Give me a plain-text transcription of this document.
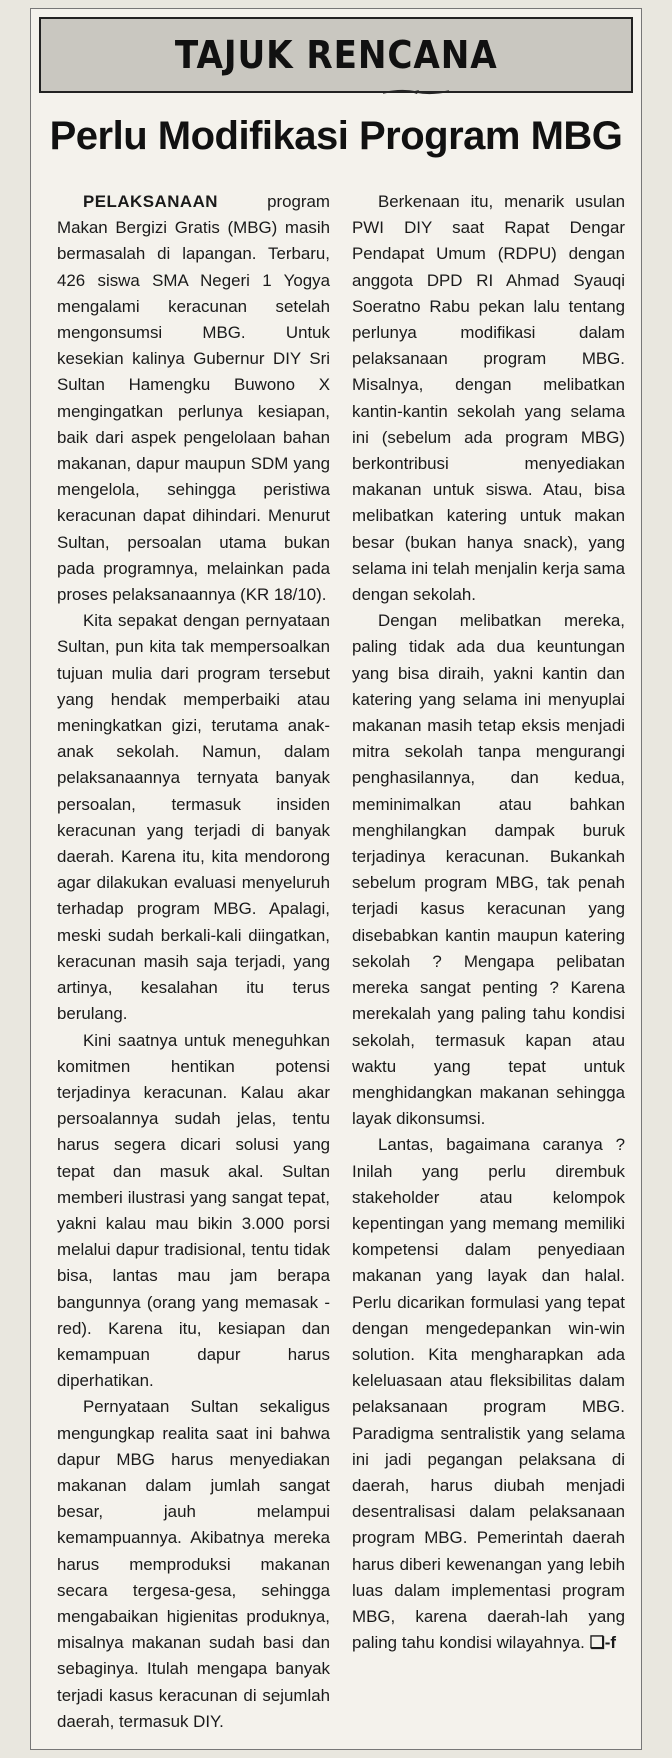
TAJUK RENCANA
Perlu Modifikasi Program MBG

PELAKSANAAN program Makan Bergizi Gratis (MBG) masih bermasalah di lapangan. Terbaru, 426 siswa SMA Negeri 1 Yogya mengalami keracunan setelah mengonsumsi MBG. Untuk kesekian kalinya Gubernur DIY Sri Sultan Hamengku Buwono X mengingatkan perlunya kesiapan, baik dari aspek pengelolaan bahan makanan, dapur maupun SDM yang mengelola, sehingga peristiwa keracunan dapat dihindari. Menurut Sultan, persoalan utama bukan pada programnya, melainkan pada proses pelaksanaannya (KR 18/10).

Kita sepakat dengan pernyataan Sultan, pun kita tak mempersoalkan tujuan mulia dari program tersebut yang hendak memperbaiki atau meningkatkan gizi, terutama anak-anak sekolah. Namun, dalam pelaksanaannya ternyata banyak persoalan, termasuk insiden keracunan yang terjadi di banyak daerah. Karena itu, kita mendorong agar dilakukan evaluasi menyeluruh terhadap program MBG. Apalagi, meski sudah berkali-kali diingatkan, keracunan masih saja terjadi, yang artinya, kesalahan itu terus berulang.

Kini saatnya untuk meneguhkan komitmen hentikan potensi terjadinya keracunan. Kalau akar persoalannya sudah jelas, tentu harus segera dicari solusi yang tepat dan masuk akal. Sultan memberi ilustrasi yang sangat tepat, yakni kalau mau bikin 3.000 porsi melalui dapur tradisional, tentu tidak bisa, lantas mau jam berapa bangunnya (orang yang memasak -red). Karena itu, kesiapan dan kemampuan dapur harus diperhatikan.

Pernyataan Sultan sekaligus mengungkap realita saat ini bahwa dapur MBG harus menyediakan makanan dalam jumlah sangat besar, jauh melampui kemampuannya. Akibatnya mereka harus memproduksi makanan secara tergesa-gesa, sehingga mengabaikan higienitas produknya, misalnya makanan sudah basi dan sebaginya. Itulah mengapa banyak terjadi kasus keracunan di sejumlah daerah, termasuk DIY.

Berkenaan itu, menarik usulan PWI DIY saat Rapat Dengar Pendapat Umum (RDPU) dengan anggota DPD RI Ahmad Syauqi Soeratno Rabu pekan lalu tentang perlunya modifikasi dalam pelaksanaan program MBG. Misalnya, dengan melibatkan kantin-kantin sekolah yang selama ini (sebelum ada program MBG) berkontribusi menyediakan makanan untuk siswa. Atau, bisa melibatkan katering untuk makan besar (bukan hanya snack), yang selama ini telah menjalin kerja sama dengan sekolah.

Dengan melibatkan mereka, paling tidak ada dua keuntungan yang bisa diraih, yakni kantin dan katering yang selama ini menyuplai makanan masih tetap eksis menjadi mitra sekolah tanpa mengurangi penghasilannya, dan kedua, meminimalkan atau bahkan menghilangkan dampak buruk terjadinya keracunan. Bukankah sebelum program MBG, tak penah terjadi kasus keracunan yang disebabkan kantin maupun katering sekolah ? Mengapa pelibatan mereka sangat penting ? Karena merekalah yang paling tahu kondisi sekolah, termasuk kapan atau waktu yang tepat untuk menghidangkan makanan sehingga layak dikonsumsi.

Lantas, bagaimana caranya ? Inilah yang perlu dirembuk stakeholder atau kelompok kepentingan yang memang memiliki kompetensi dalam penyediaan makanan yang layak dan halal. Perlu dicarikan formulasi yang tepat dengan mengedepankan win-win solution. Kita mengharapkan ada keleluasaan atau fleksibilitas dalam pelaksanaan program MBG. Paradigma sentralistik yang selama ini jadi pegangan pelaksana di daerah, harus diubah menjadi desentralisasi dalam pelaksanaan program MBG. Pemerintah daerah harus diberi kewenangan yang lebih luas dalam implementasi program MBG, karena daerah-lah yang paling tahu kondisi wilayahnya. ❏-f
